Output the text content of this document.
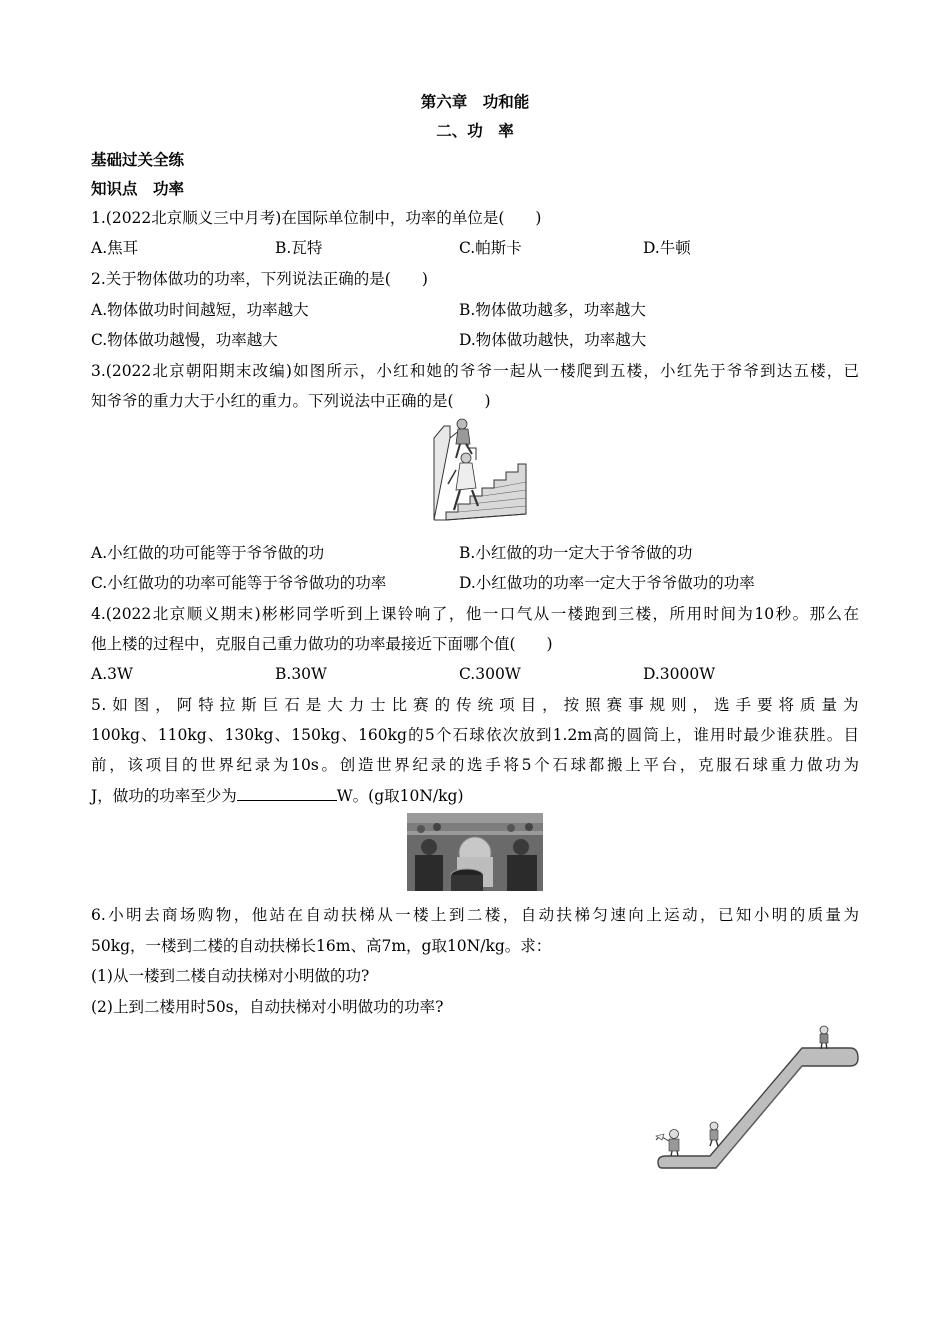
第六章　功和能
二、功　率
基础过关全练
知识点　功率
1.(2022北京顺义三中月考)在国际单位制中，功率的单位是(　　)
A.焦耳	B.瓦特	C.帕斯卡	D.牛顿
2.关于物体做功的功率，下列说法正确的是(　　)
A.物体做功时间越短，功率越大	B.物体做功越多，功率越大
C.物体做功越慢，功率越大	D.物体做功越快，功率越大
3.(2022北京朝阳期末改编)如图所示，小红和她的爷爷一起从一楼爬到五楼，小红先于爷爷到达五楼，已
知爷爷的重力大于小红的重力。下列说法中正确的是(　　)
A.小红做的功可能等于爷爷做的功	B.小红做的功一定大于爷爷做的功
C.小红做功的功率可能等于爷爷做功的功率	D.小红做功的功率一定大于爷爷做功的功率
4.(2022北京顺义期末)彬彬同学听到上课铃响了，他一口气从一楼跑到三楼，所用时间为10秒。那么在
他上楼的过程中，克服自己重力做功的功率最接近下面哪个值(　　)
A.3W	B.30W	C.300W	D.3000W
5.如图，阿特拉斯巨石是大力士比赛的传统项目，按照赛事规则，选手要将质量为
100kg、110kg、130kg、150kg、160kg的5个石球依次放到1.2m高的圆筒上，谁用时最少谁获胜。目
前，该项目的世界纪录为10s。创造世界纪录的选手将5个石球都搬上平台，克服石球重力做功为
J，做功的功率至少为	W。(g取10N/kg)
6.小明去商场购物，他站在自动扶梯从一楼上到二楼，自动扶梯匀速向上运动，已知小明的质量为
50kg，一楼到二楼的自动扶梯长16m、高7m，g取10N/kg。求：
(1)从一楼到二楼自动扶梯对小明做的功?
(2)上到二楼用时50s，自动扶梯对小明做功的功率?
